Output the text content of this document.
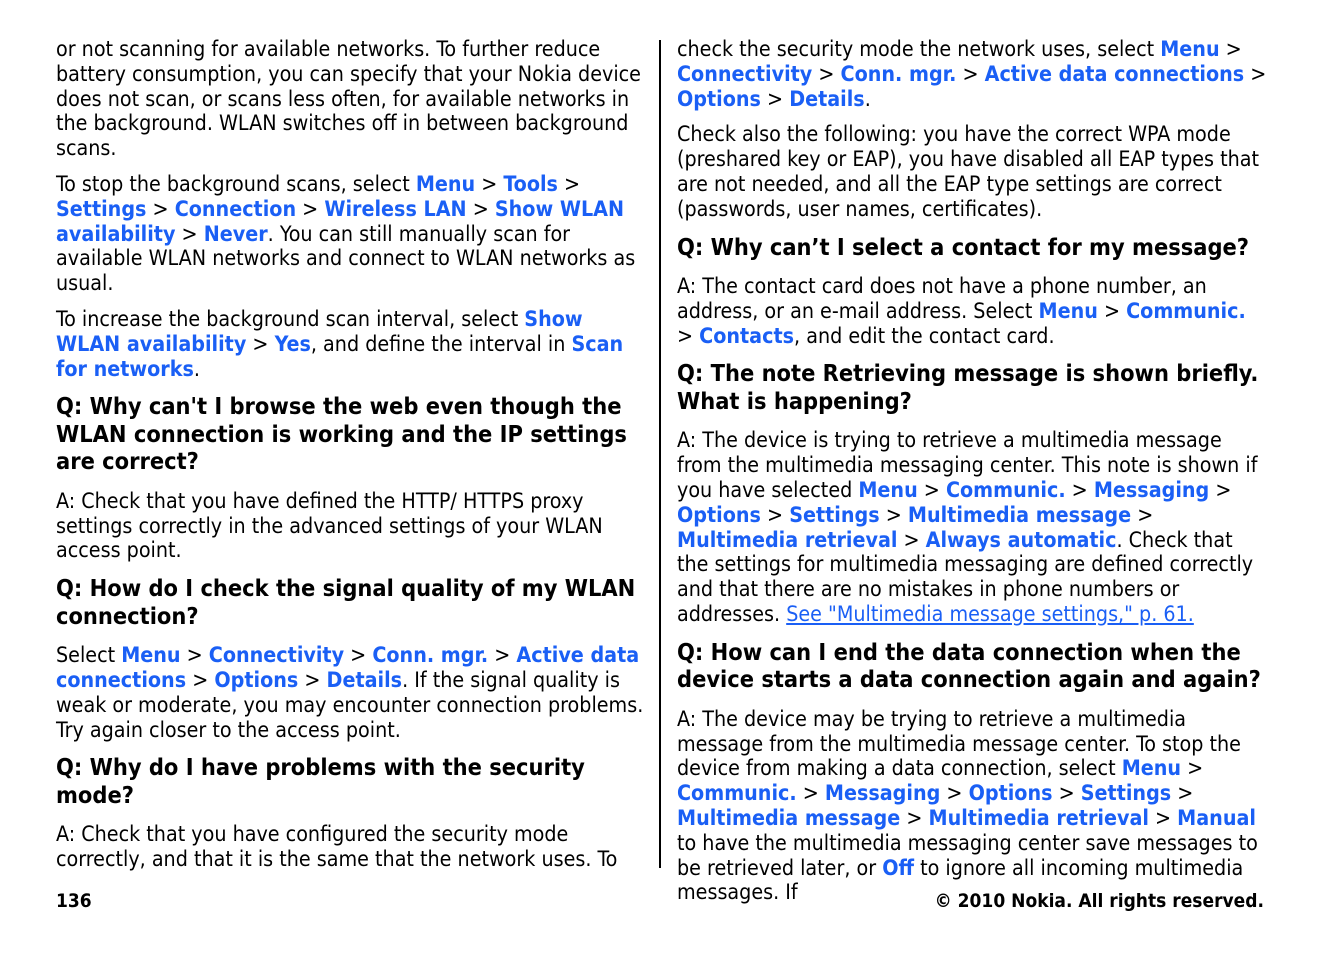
or not scanning for available networks. To further reduce battery consumption, you can specify that your Nokia device does not scan, or scans less often, for available networks in the background. WLAN switches off in between background scans.

To stop the background scans, select Menu > Tools > Settings > Connection > Wireless LAN > Show WLAN availability > Never. You can still manually scan for available WLAN networks and connect to WLAN networks as usual.

To increase the background scan interval, select Show WLAN availability > Yes, and define the interval in Scan for networks.

Q: Why can't I browse the web even though the WLAN connection is working and the IP settings are correct?

A: Check that you have defined the HTTP/ HTTPS proxy settings correctly in the advanced settings of your WLAN access point.

Q: How do I check the signal quality of my WLAN connection?

Select Menu > Connectivity > Conn. mgr. > Active data connections > Options > Details. If the signal quality is weak or moderate, you may encounter connection problems. Try again closer to the access point.

Q: Why do I have problems with the security mode?

A: Check that you have configured the security mode correctly, and that it is the same that the network uses. To

check the security mode the network uses, select Menu > Connectivity > Conn. mgr. > Active data connections > Options > Details.

Check also the following: you have the correct WPA mode (preshared key or EAP), you have disabled all EAP types that are not needed, and all the EAP type settings are correct (passwords, user names, certificates).

Q: Why can’t I select a contact for my message?

A: The contact card does not have a phone number, an address, or an e-mail address. Select Menu > Communic. > Contacts, and edit the contact card.

Q: The note Retrieving message is shown briefly. What is happening?

A: The device is trying to retrieve a multimedia message from the multimedia messaging center. This note is shown if you have selected Menu > Communic. > Messaging > Options > Settings > Multimedia message > Multimedia retrieval > Always automatic. Check that the settings for multimedia messaging are defined correctly and that there are no mistakes in phone numbers or addresses. See "Multimedia message settings," p. 61.

Q: How can I end the data connection when the device starts a data connection again and again?

A: The device may be trying to retrieve a multimedia message from the multimedia message center. To stop the device from making a data connection, select Menu > Communic. > Messaging > Options > Settings > Multimedia message > Multimedia retrieval > Manual to have the multimedia messaging center save messages to be retrieved later, or Off to ignore all incoming multimedia messages. If

136	© 2010 Nokia. All rights reserved.
